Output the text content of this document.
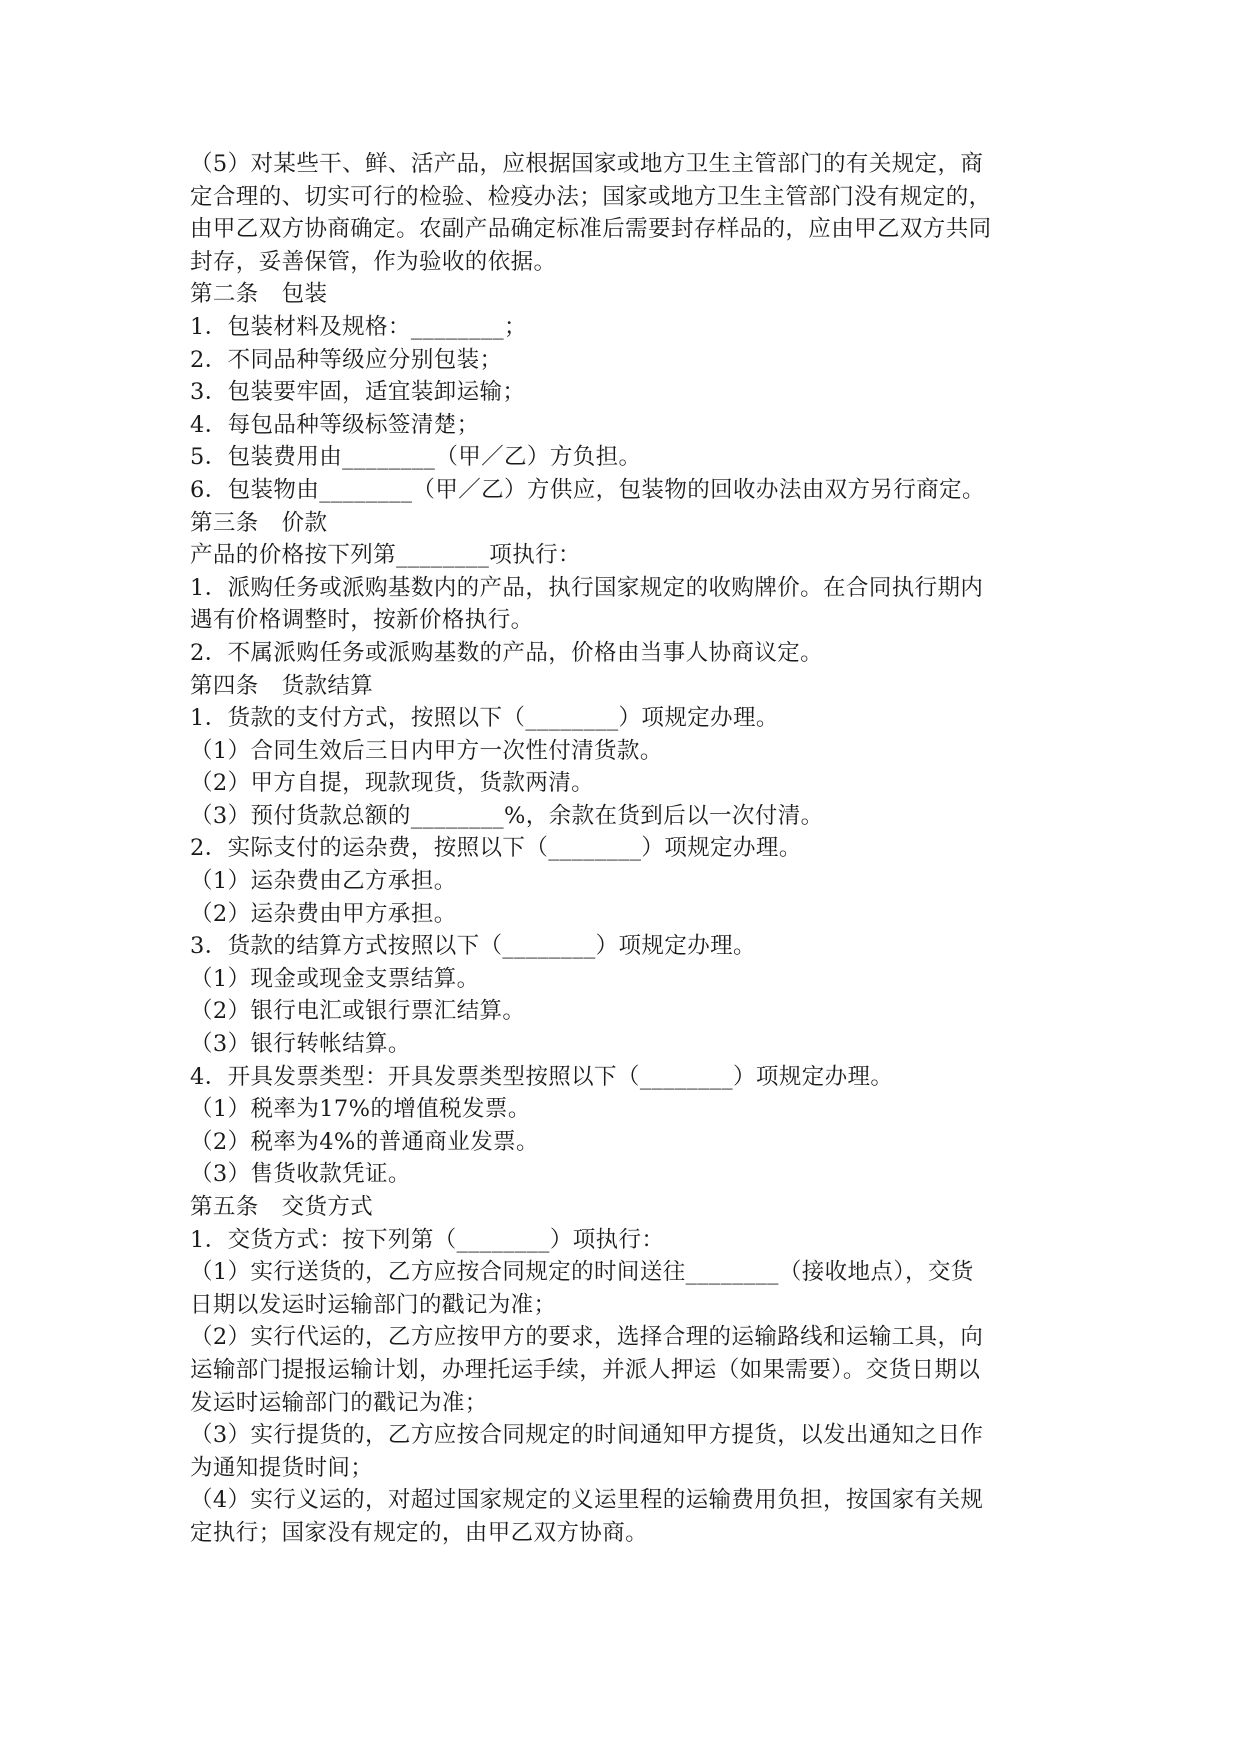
（5）对某些干、鲜、活产品，应根据国家或地方卫生主管部门的有关规定，商
定合理的、切实可行的检验、检疫办法；国家或地方卫生主管部门没有规定的，
由甲乙双方协商确定。农副产品确定标准后需要封存样品的，应由甲乙双方共同
封存，妥善保管，作为验收的依据。
第二条　包装
1．包装材料及规格：________；
2．不同品种等级应分别包装；
3．包装要牢固，适宜装卸运输；
4．每包品种等级标签清楚；
5．包装费用由________（甲／乙）方负担。
6．包装物由________（甲／乙）方供应，包装物的回收办法由双方另行商定。
第三条　价款
产品的价格按下列第________项执行：
1．派购任务或派购基数内的产品，执行国家规定的收购牌价。在合同执行期内
遇有价格调整时，按新价格执行。
2．不属派购任务或派购基数的产品，价格由当事人协商议定。
第四条　货款结算
1．货款的支付方式，按照以下（________）项规定办理。
（1）合同生效后三日内甲方一次性付清货款。
（2）甲方自提，现款现货，货款两清。
（3）预付货款总额的________%，余款在货到后以一次付清。
2．实际支付的运杂费，按照以下（________）项规定办理。
（1）运杂费由乙方承担。
（2）运杂费由甲方承担。
3．货款的结算方式按照以下（________）项规定办理。
（1）现金或现金支票结算。
（2）银行电汇或银行票汇结算。
（3）银行转帐结算。
4．开具发票类型：开具发票类型按照以下（________）项规定办理。
（1）税率为17%的增值税发票。
（2）税率为4%的普通商业发票。
（3）售货收款凭证。
第五条　交货方式
1．交货方式：按下列第（________）项执行：
（1）实行送货的，乙方应按合同规定的时间送往________（接收地点），交货
日期以发运时运输部门的戳记为准；
（2）实行代运的，乙方应按甲方的要求，选择合理的运输路线和运输工具，向
运输部门提报运输计划，办理托运手续，并派人押运（如果需要）。交货日期以
发运时运输部门的戳记为准；
（3）实行提货的，乙方应按合同规定的时间通知甲方提货，以发出通知之日作
为通知提货时间；
（4）实行义运的，对超过国家规定的义运里程的运输费用负担，按国家有关规
定执行；国家没有规定的，由甲乙双方协商。
